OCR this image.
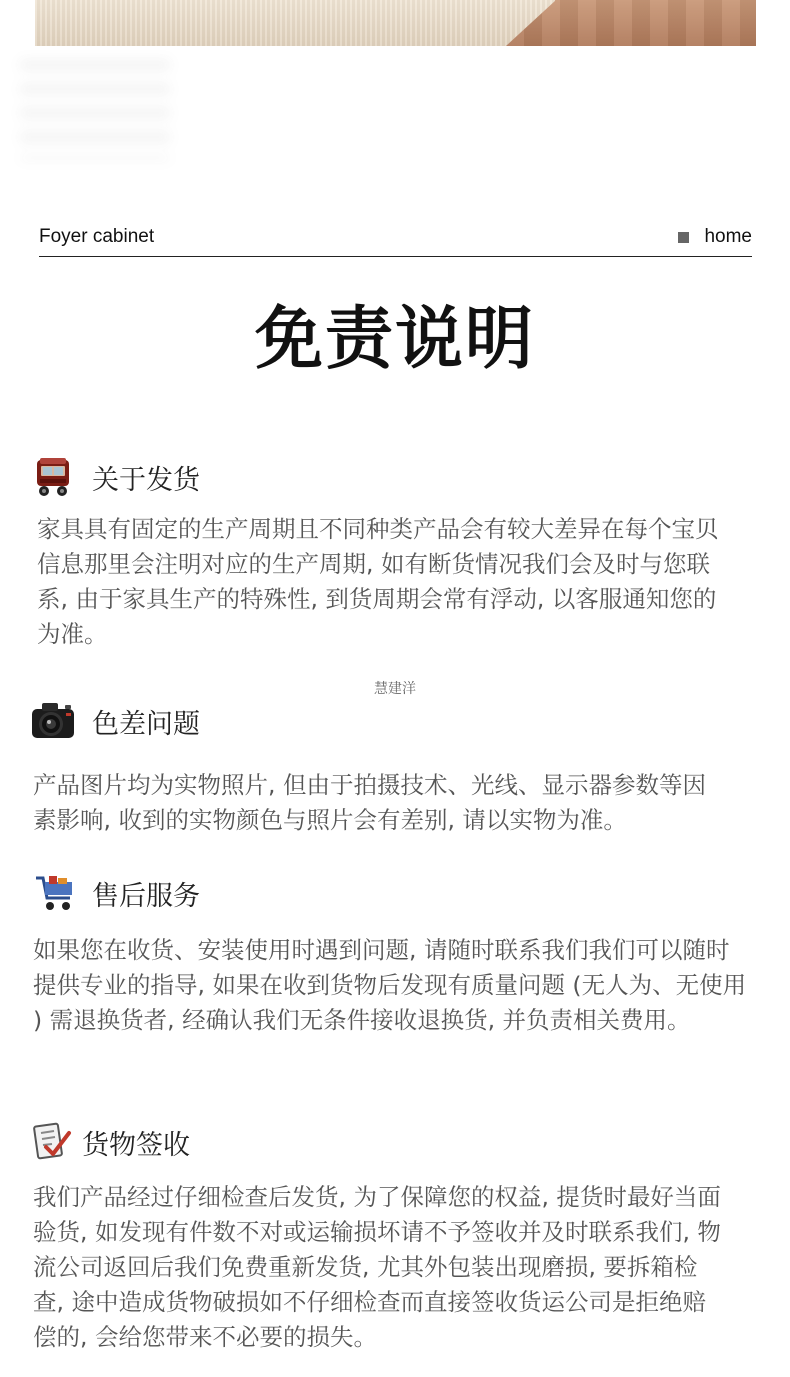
Foyer cabinet	home
免责说明
关于发货
家具具有固定的生产周期且不同种类产品会有较大差异在每个宝贝
信息那里会注明对应的生产周期, 如有断货情况我们会及时与您联
系, 由于家具生产的特殊性, 到货周期会常有浮动, 以客服通知您的
为准。
慧建洋
色差问题
产品图片均为实物照片, 但由于拍摄技术、光线、显示器参数等因
素影响, 收到的实物颜色与照片会有差别, 请以实物为准。
售后服务
如果您在收货、安装使用时遇到问题, 请随时联系我们我们可以随时
提供专业的指导, 如果在收到货物后发现有质量问题 (无人为、无使用
) 需退换货者, 经确认我们无条件接收退换货, 并负责相关费用。
货物签收
我们产品经过仔细检查后发货, 为了保障您的权益, 提货时最好当面
验货, 如发现有件数不对或运输损坏请不予签收并及时联系我们, 物
流公司返回后我们免费重新发货, 尤其外包装出现磨损, 要拆箱检
查, 途中造成货物破损如不仔细检查而直接签收货运公司是拒绝赔
偿的, 会给您带来不必要的损失。
